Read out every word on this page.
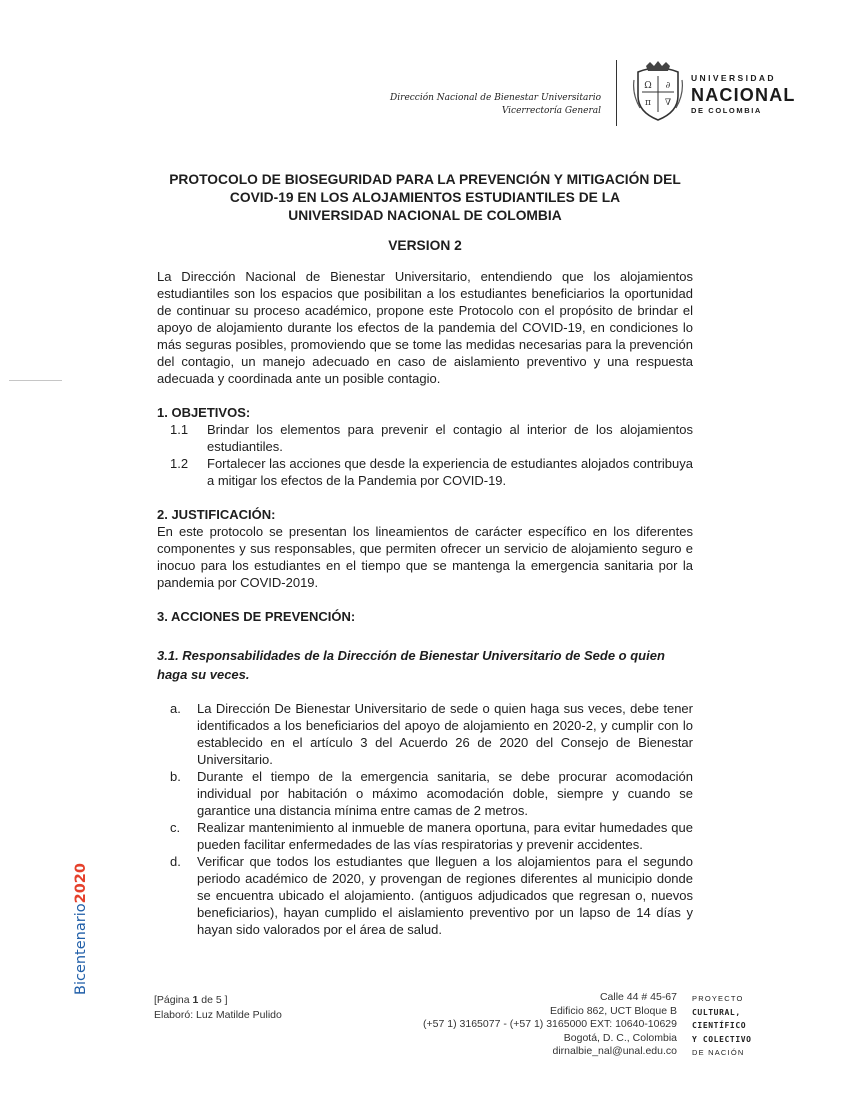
Dirección Nacional de Bienestar Universitario
Vicerrectoría General
Ω ∂
π ∇
UNIVERSIDAD
NACIONAL
DE COLOMBIA
Bicentenario2020
PROTOCOLO DE BIOSEGURIDAD PARA LA PREVENCIÓN Y MITIGACIÓN DEL
COVID-19 EN LOS ALOJAMIENTOS ESTUDIANTILES DE LA
UNIVERSIDAD NACIONAL DE COLOMBIA
VERSION 2

La Dirección Nacional de Bienestar Universitario, entendiendo que los alojamientos estudiantiles son los espacios que posibilitan a los estudiantes beneficiarios la oportunidad de continuar su proceso académico, propone este Protocolo con el propósito de brindar el apoyo de alojamiento durante los efectos de la pandemia del COVID-19, en condiciones lo más seguras posibles, promoviendo que se tome las medidas necesarias para la prevención del contagio, un manejo adecuado en caso de aislamiento preventivo y una respuesta adecuada y coordinada ante un posible contagio.

1. OBJETIVOS:
1.1	Brindar los elementos para prevenir el contagio al interior de los alojamientos estudiantiles.
1.2	Fortalecer las acciones que desde la experiencia de estudiantes alojados contribuya a mitigar los efectos de la Pandemia por COVID-19.
2. JUSTIFICACIÓN:

En este protocolo se presentan los lineamientos de carácter específico en los diferentes componentes y sus responsables, que permiten ofrecer un servicio de alojamiento seguro e inocuo para los estudiantes en el tiempo que se mantenga la emergencia sanitaria por la pandemia por COVID-2019.

3. ACCIONES DE PREVENCIÓN:
3.1. Responsabilidades de la Dirección de Bienestar Universitario de Sede o quien haga su veces.
a.	La Dirección De Bienestar Universitario de sede o quien haga sus veces, debe tener identificados a los beneficiarios del apoyo de alojamiento en 2020-2, y cumplir con lo establecido en el artículo 3 del Acuerdo 26 de 2020 del Consejo de Bienestar Universitario.
b.	Durante el tiempo de la emergencia sanitaria, se debe procurar acomodación individual por habitación o máximo acomodación doble, siempre y cuando se garantice una distancia mínima entre camas de 2 metros.
c.	Realizar mantenimiento al inmueble de manera oportuna, para evitar humedades que pueden facilitar enfermedades de las vías respiratorias y prevenir accidentes.
d.	Verificar que todos los estudiantes que lleguen a los alojamientos para el segundo periodo académico de 2020, y provengan de regiones diferentes al municipio donde se encuentra ubicado el alojamiento. (antiguos adjudicados que regresan o, nuevos beneficiarios), hayan cumplido el aislamiento preventivo por un lapso de 14 días y hayan sido valorados por el área de salud.
[Página 1 de 5 ]
Elaboró: Luz Matilde Pulido
Calle 44 # 45-67
Edificio 862, UCT Bloque B
(+57 1) 3165077 - (+57 1) 3165000 EXT: 10640-10629
Bogotá, D. C., Colombia
dirnalbie_nal@unal.edu.co
PROYECTO
CULTURAL,
CIENTÍFICO
Y COLECTIVO
DE NACIÓN
